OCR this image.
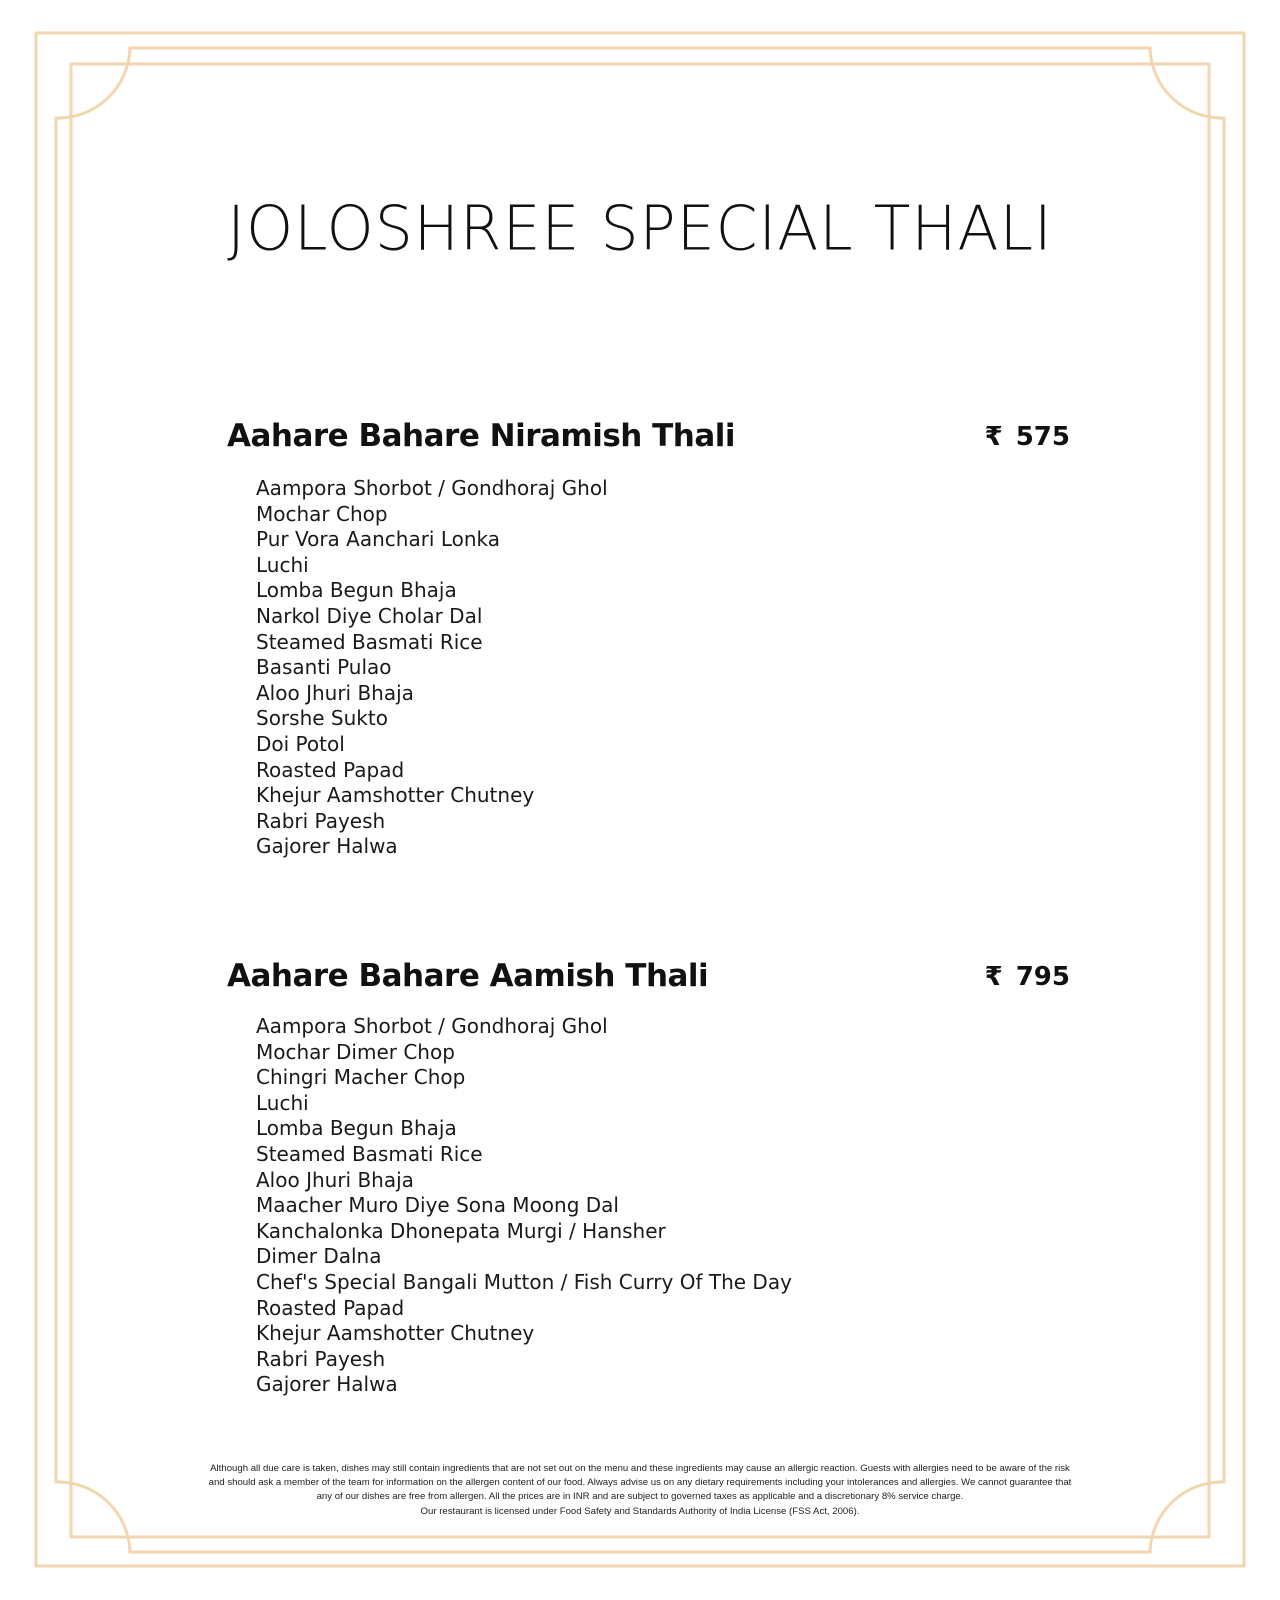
JOLOSHREE SPECIAL THALI
Aahare Bahare Niramish Thali	₹ 575
Aampora Shorbot / Gondhoraj Ghol
Mochar Chop
Pur Vora Aanchari Lonka
Luchi
Lomba Begun Bhaja
Narkol Diye Cholar Dal
Steamed Basmati Rice
Basanti Pulao
Aloo Jhuri Bhaja
Sorshe Sukto
Doi Potol
Roasted Papad
Khejur Aamshotter Chutney
Rabri Payesh
Gajorer Halwa
Aahare Bahare Aamish Thali	₹ 795
Aampora Shorbot / Gondhoraj Ghol
Mochar Dimer Chop
Chingri Macher Chop
Luchi
Lomba Begun Bhaja
Steamed Basmati Rice
Aloo Jhuri Bhaja
Maacher Muro Diye Sona Moong Dal
Kanchalonka Dhonepata Murgi / Hansher
Dimer Dalna
Chef's Special Bangali Mutton / Fish Curry Of The Day
Roasted Papad
Khejur Aamshotter Chutney
Rabri Payesh
Gajorer Halwa

Although all due care is taken, dishes may still contain ingredients that are not set out on the menu and these ingredients may cause an allergic reaction. Guests with allergies need to be aware of the risk

and should ask a member of the team for information on the allergen content of our food. Always advise us on any dietary requirements including your intolerances and allergies. We cannot guarantee that

any of our dishes are free from allergen. All the prices are in INR and are subject to governed taxes as applicable and a discretionary 8% service charge.

Our restaurant is licensed under Food Safety and Standards Authority of India License (FSS Act, 2006).
